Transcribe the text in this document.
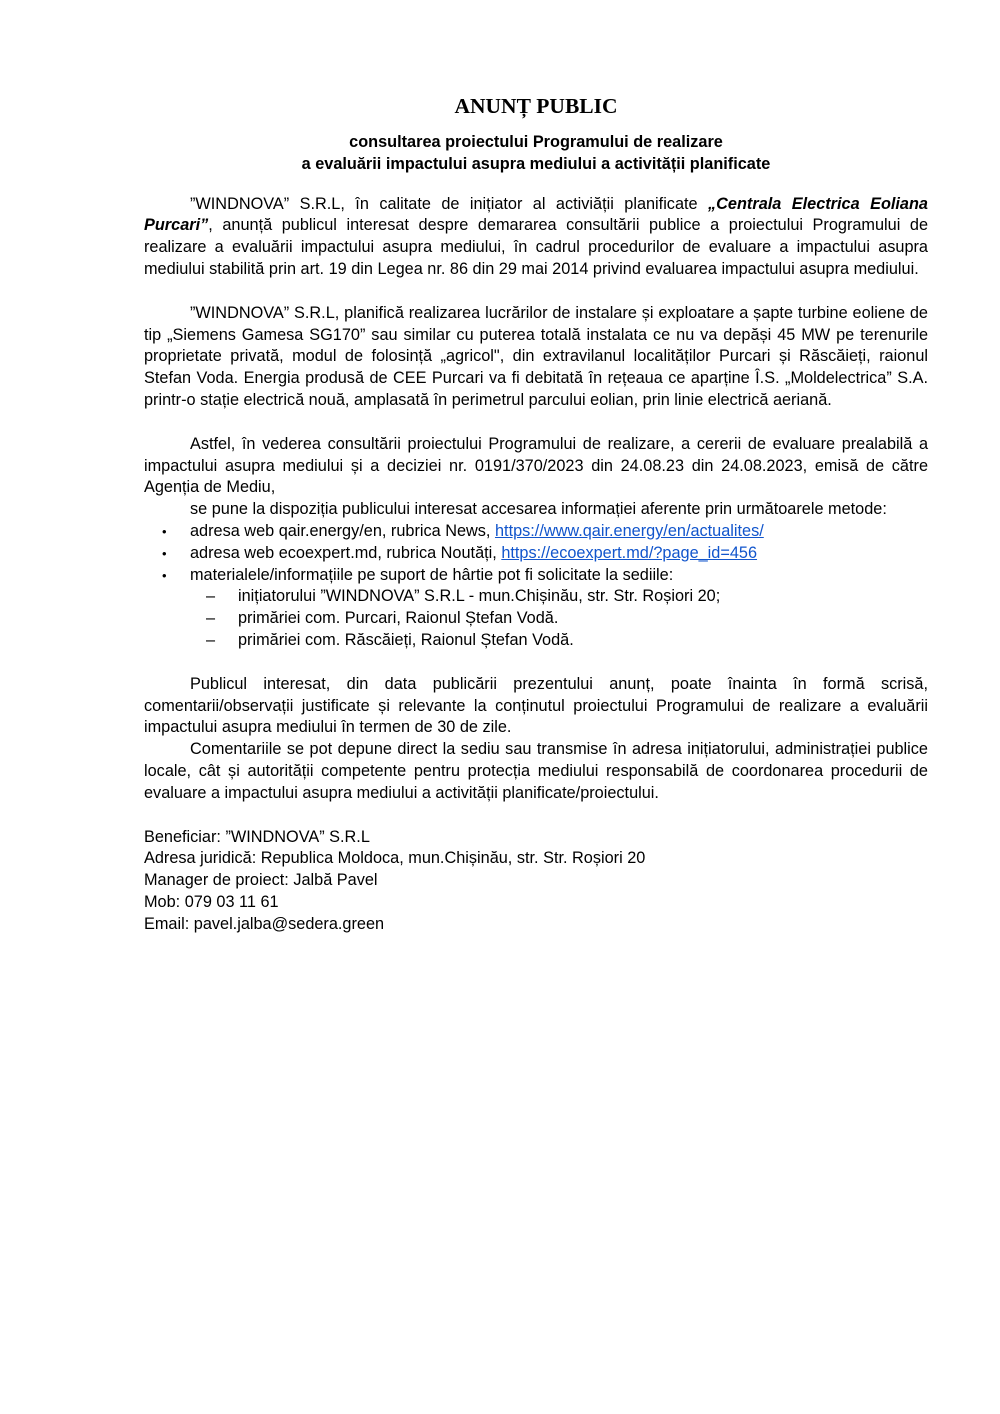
ANUNȚ PUBLIC
consultarea proiectului Programului de realizare
a evaluării impactului asupra mediului a activității planificate

”WINDNOVA” S.R.L, în calitate de inițiator al activiății planificate „Centrala Electrica Eoliana Purcari”, anunță publicul interesat despre demararea consultării publice a proiectului Programului de realizare a evaluării impactului asupra mediului, în cadrul procedurilor de evaluare a impactului asupra mediului stabilită prin art. 19 din Legea nr. 86 din 29 mai 2014 privind evaluarea impactului asupra mediului.

”WINDNOVA” S.R.L, planifică realizarea lucrărilor de instalare și exploatare a șapte turbine eoliene de tip „Siemens Gamesa SG170” sau similar cu puterea totală instalata ce nu va depăși 45 MW pe terenurile proprietate privată, modul de folosință „agricol", din extravilanul localităților Purcari și Răscăieți, raionul Stefan Voda. Energia produsă de CEE Purcari va fi debitată în rețeaua ce aparține Î.S. „Moldelectrica” S.A. printr-o stație electrică nouă, amplasată în perimetrul parcului eolian, prin linie electrică aeriană.

Astfel, în vederea consultării proiectului Programului de realizare, a cererii de evaluare prealabilă a impactului asupra mediului și a deciziei nr. 0191/370/2023 din 24.08.23 din 24.08.2023, emisă de către Agenția de Mediu,

se pune la dispoziția publicului interesat accesarea informației aferente prin următoarele metode:

• adresa web qair.energy/en, rubrica News, https://www.qair.energy/en/actualites/
• adresa web ecoexpert.md, rubrica Noutăți, https://ecoexpert.md/?page_id=456
• materialele/informațiile pe suport de hârtie pot fi solicitate la sediile:
– inițiatorului ”WINDNOVA” S.R.L - mun.Chișinău, str. Str. Roșiori 20;
– primăriei com. Purcari, Raionul Ștefan Vodă.
– primăriei com. Răscăieți, Raionul Ștefan Vodă.

Publicul interesat, din data publicării prezentului anunț, poate înainta în formă scrisă, comentarii/observații justificate și relevante la conținutul proiectului Programului de realizare a evaluării impactului asupra mediului în termen de 30 de zile.

Comentariile se pot depune direct la sediu sau transmise în adresa inițiatorului, administrației publice locale, cât și autorității competente pentru protecția mediului responsabilă de coordonarea procedurii de evaluare a impactului asupra mediului a activității planificate/proiectului.

Beneficiar: ”WINDNOVA” S.R.L
Adresa juridică: Republica Moldoca, mun.Chișinău, str. Str. Roșiori 20
Manager de proiect: Jalbă Pavel
Mob: 079 03 11 61
Email: pavel.jalba@sedera.green
